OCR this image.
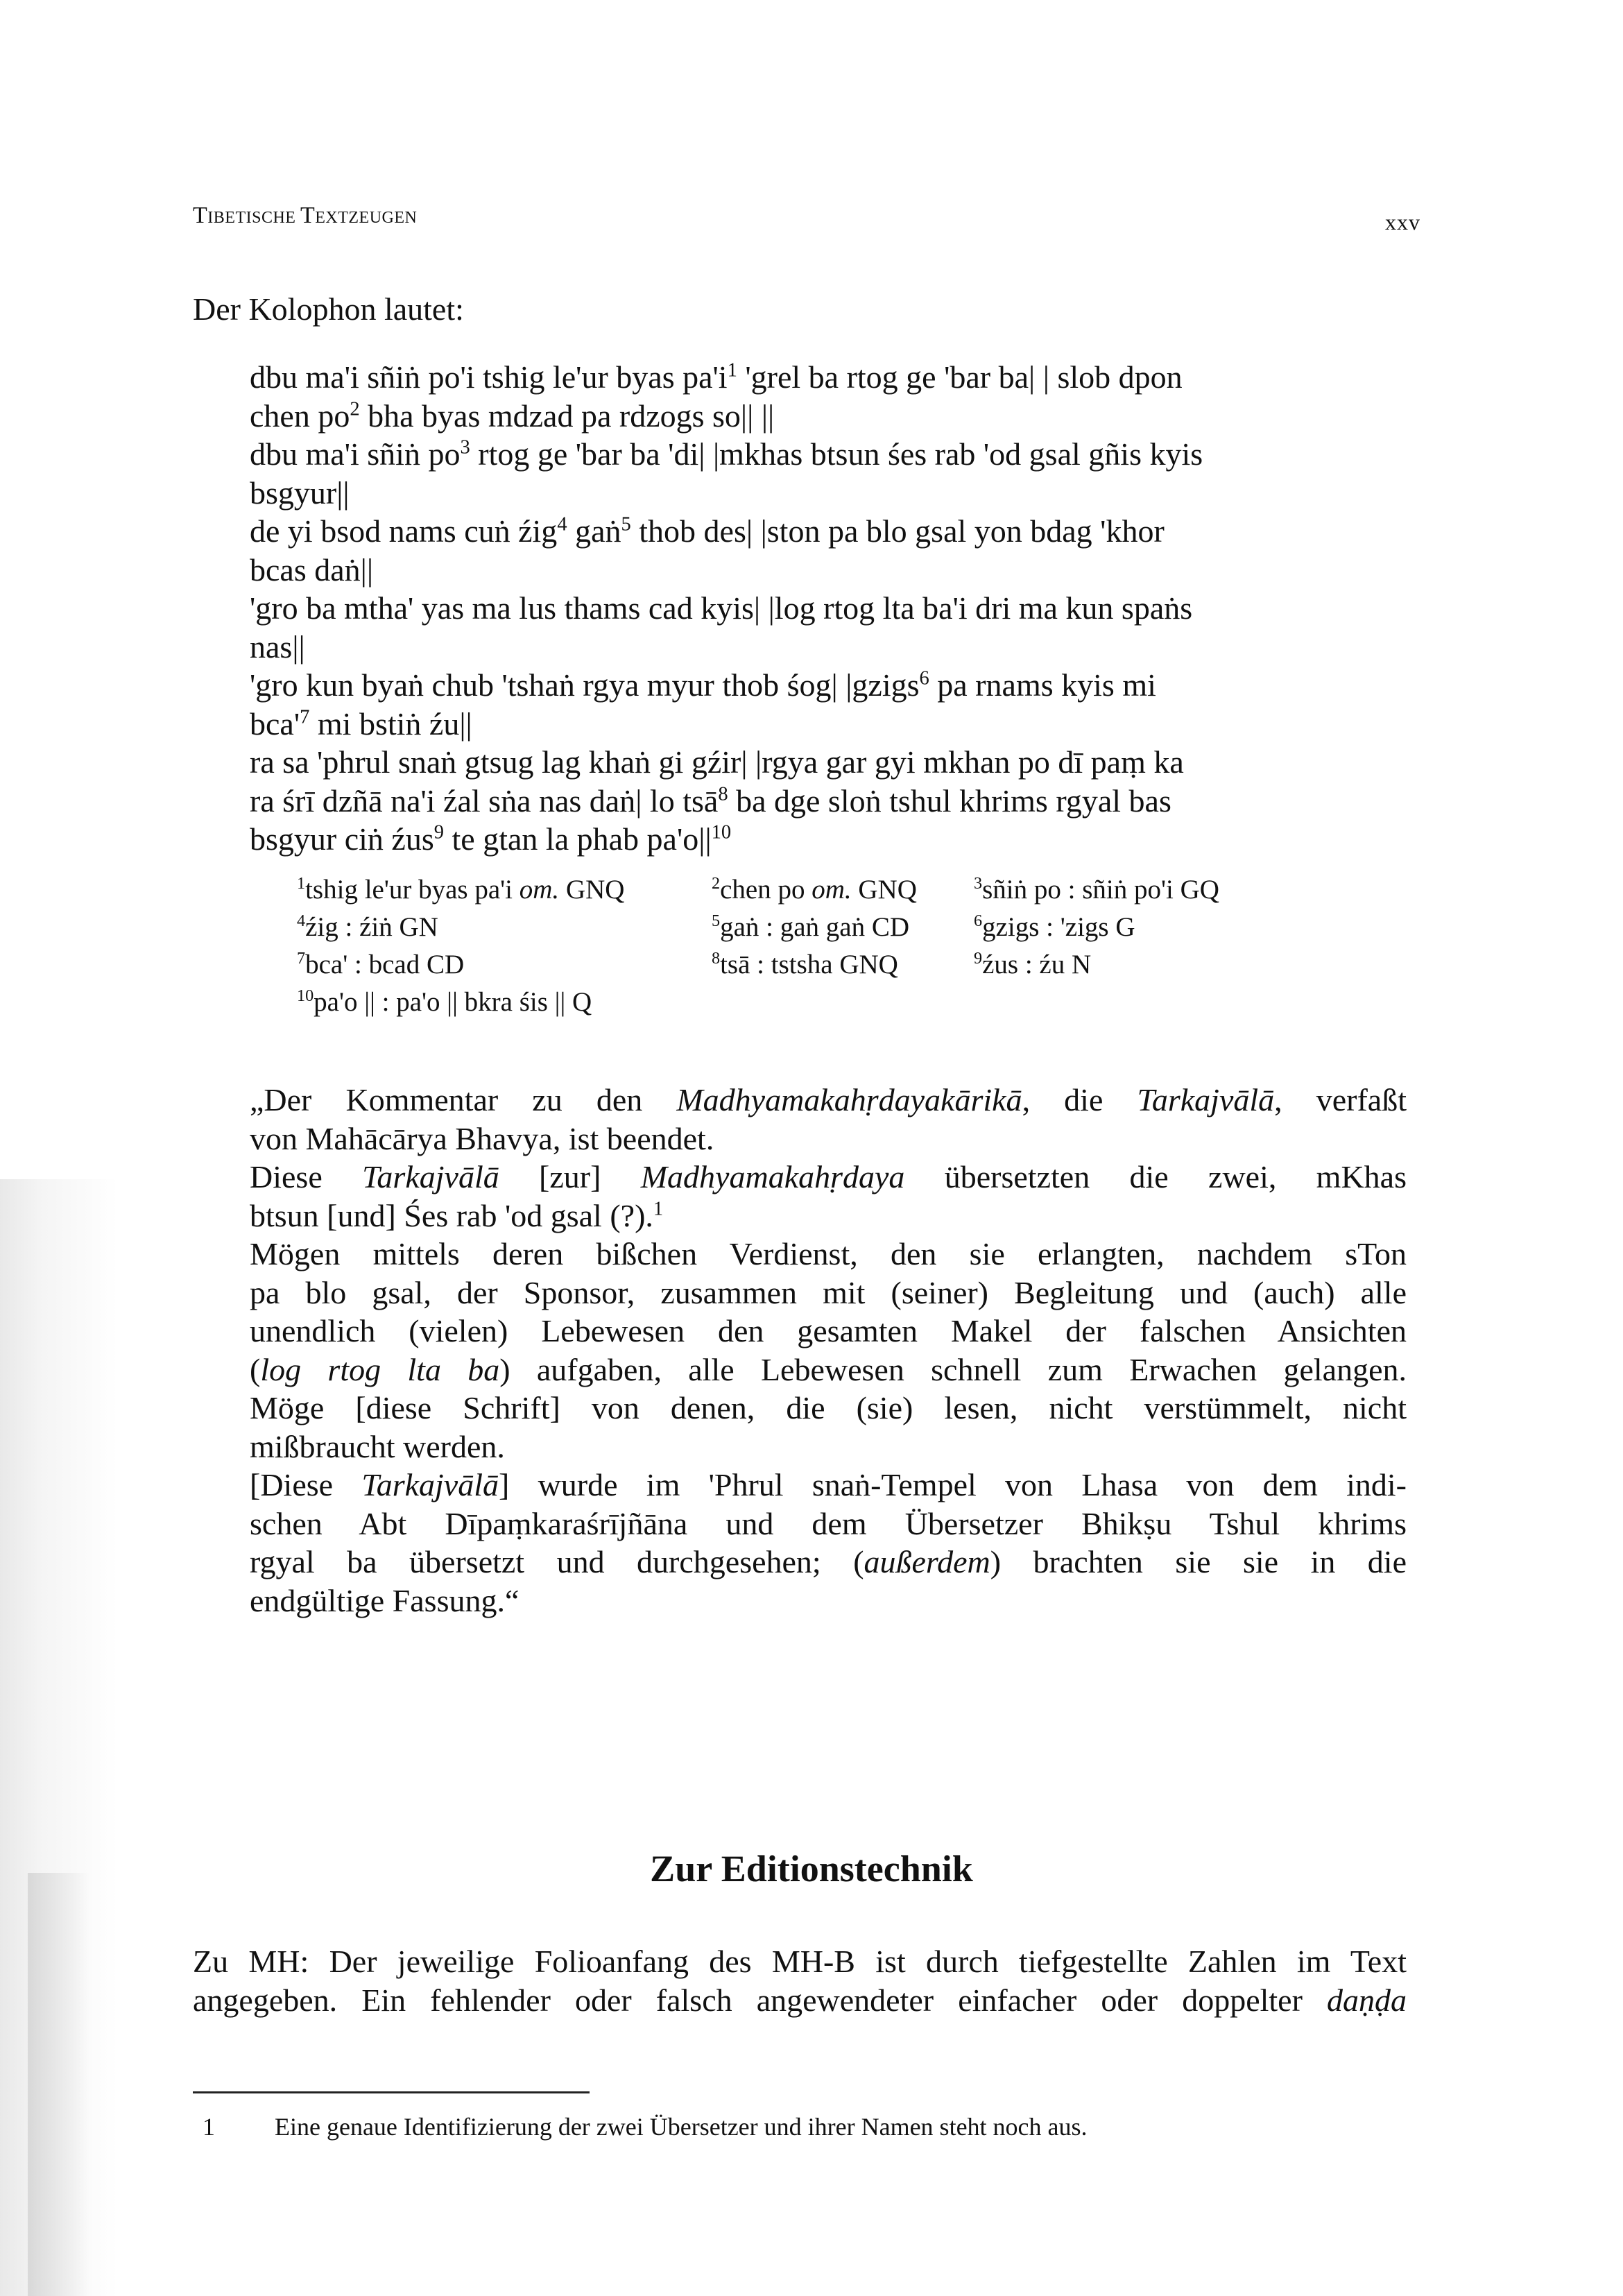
TIBETISCHE TEXTZEUGEN	xxv
Der Kolophon lautet:
dbu ma'i sñiṅ po'i tshig le'ur byas $pa'i^1$ 'grel ba rtog ge 'bar ba| | slob dpon
chen $po^2$ bha byas mdzad pa rdzogs so|| ||
dbu ma'i sñiṅ $po^3$ rtog ge 'bar ba 'di| |mkhas btsun śes rab 'od gsal gñis kyis
bsgyur||
de yi bsod nams cuṅ źig$^4$ gaṅ$^5$ thob des| |ston pa blo gsal yon bdag 'khor
bcas daṅ||
'gro ba mtha' yas ma lus thams cad kyis| |log rtog lta ba'i dri ma kun spaṅs
nas||
'gro kun byaṅ chub 'tshaṅ rgya myur thob śog| |gzigs$^6$ pa rnams kyis mi
$bca'^7$ mi bstiṅ źu||
ra sa 'phrul snaṅ gtsug lag khaṅ gi gźir| |rgya gar gyi mkhan po dī paṃ ka
ra śrī dzñā na'i źal sṅa nas daṅ| lo tsā$^8$ ba dge sloṅ tshul khrims rgyal bas
bsgyur ciṅ źus$^9$ te gtan la phab $pa'o||^{10}$
$^1$tshig le'ur byas pa'i om. GNQ	$^2$chen po om. GNQ	$^3$sñiṅ po : sñiṅ po'i GQ
$^4$źig : źiṅ GN	$^5$gaṅ : gaṅ gaṅ CD	$^6$gzigs : 'zigs G
$^7$bca' : bcad CD	$^8$tsā : tstsha GNQ	$^9$źus : źu N
$^{10}$pa'o || : pa'o || bkra śis || Q
„Der Kommentar zu den Madhyamakahṛdayakārikā, die Tarkajvālā, verfaßt
von Mahācārya Bhavya, ist beendet.
Diese Tarkajvālā [zur] Madhyamakahṛdaya übersetzten die zwei, mKhas
btsun [und] Śes rab 'od gsal (?).$^1$
Mögen mittels deren bißchen Verdienst, den sie erlangten, nachdem sTon
pa blo gsal, der Sponsor, zusammen mit (seiner) Begleitung und (auch) alle
unendlich (vielen) Lebewesen den gesamten Makel der falschen Ansichten
(log rtog lta ba) aufgaben, alle Lebewesen schnell zum Erwachen gelangen.
Möge [diese Schrift] von denen, die (sie) lesen, nicht verstümmelt, nicht
mißbraucht werden.
[Diese Tarkajvālā] wurde im 'Phrul snaṅ-Tempel von Lhasa von dem indi-
schen Abt Dīpaṃkaraśrījñāna und dem Übersetzer Bhikṣu Tshul khrims
rgyal ba übersetzt und durchgesehen; (außerdem) brachten sie sie in die
endgültige Fassung.“
Zur Editionstechnik
Zu MH: Der jeweilige Folioanfang des MH-B ist durch tiefgestellte Zahlen im Text
angegeben. Ein fehlender oder falsch angewendeter einfacher oder doppelter daṇḍa
1 Eine genaue Identifizierung der zwei Übersetzer und ihrer Namen steht noch aus.
